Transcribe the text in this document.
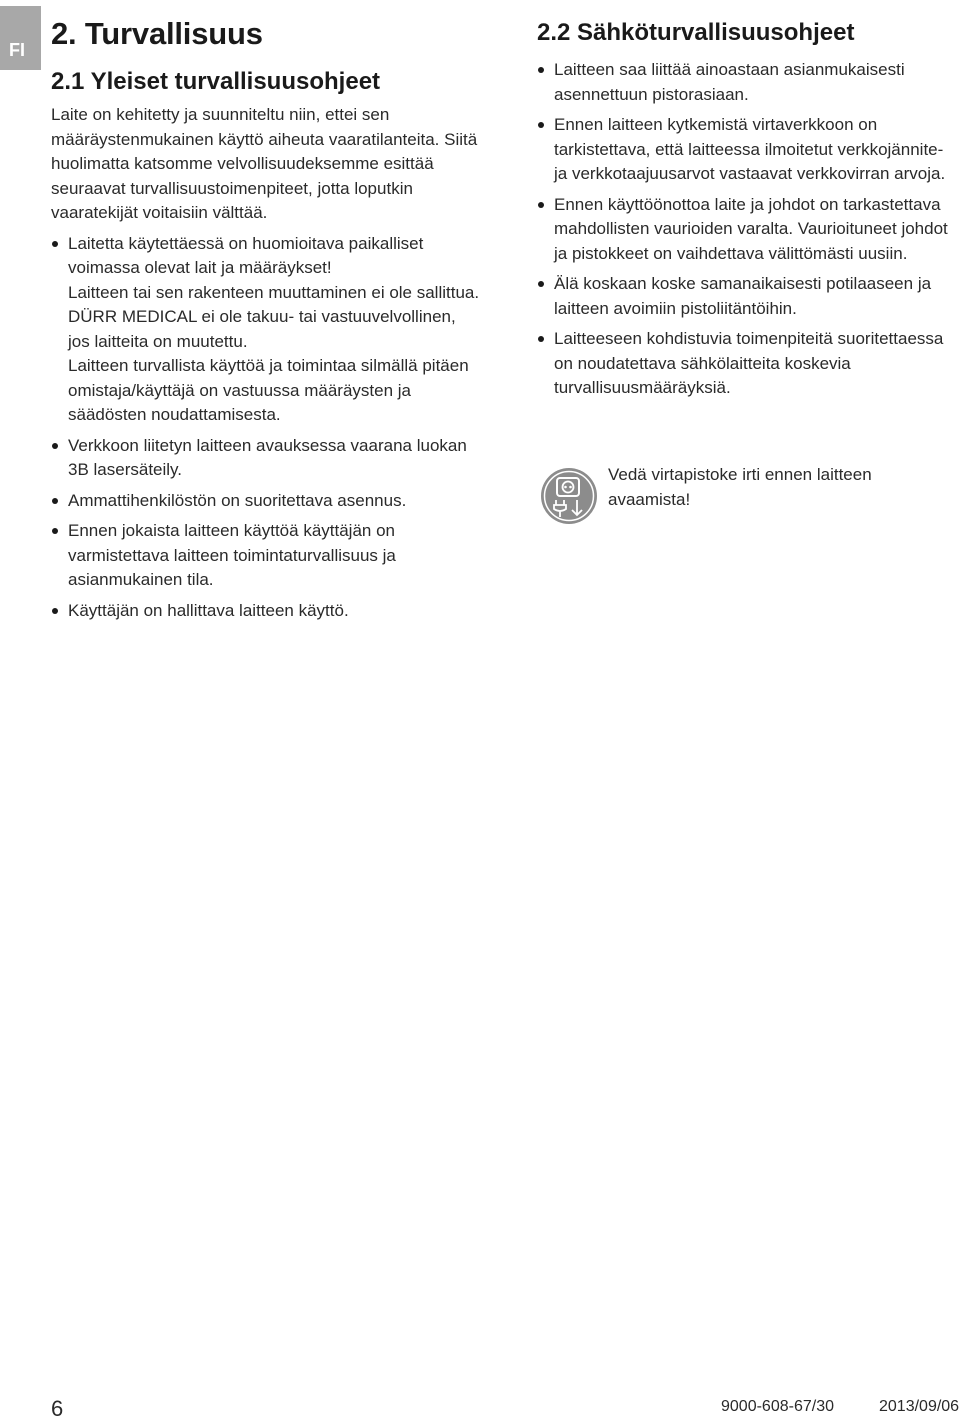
FI 2. Turvallisuus
2.1 Yleiset turvallisuusohjeet

Laite on kehitetty ja suunniteltu niin, ettei sen määräystenmukainen käyttö aiheuta vaaratilanteita. Siitä huolimatta katsomme velvollisuudeksemme esittää seuraavat turvallisuustoimenpiteet, jotta loputkin vaaratekijät voitaisiin välttää.

Laitetta käytettäessä on huomioitava paikalliset voimassa olevat lait ja määräykset!

Laitteen tai sen rakenteen muuttaminen ei ole sallittua. DÜRR MEDICAL ei ole takuu- tai vastuuvelvollinen, jos laitteita on muutettu.

Laitteen turvallista käyttöä ja toimintaa silmällä pitäen omistaja/käyttäjä on vastuussa määräysten ja säädösten noudattamisesta.

Verkkoon liitetyn laitteen avauksessa vaarana luokan 3B lasersäteily.
Ammattihenkilöstön on suoritettava asennus.
Ennen jokaista laitteen käyttöä käyttäjän on varmistettava laitteen toimintaturvallisuus ja asianmukainen tila.
Käyttäjän on hallittava laitteen käyttö.
2.2 Sähköturvallisuusohjeet
Laitteen saa liittää ainoastaan asianmukaisesti asennettuun pistorasiaan.
Ennen laitteen kytkemistä virtaverkkoon on tarkistettava, että laitteessa ilmoitetut verkkojännite- ja verkkotaajuusarvot vastaavat verkkovirran arvoja.
Ennen käyttöönottoa laite ja johdot on tarkastettava mahdollisten vaurioiden varalta. Vaurioituneet johdot ja pistokkeet on vaihdettava välittömästi uusiin.
Älä koskaan koske samanaikaisesti potilaaseen ja laitteen avoimiin pistoliitäntöihin.
Laitteeseen kohdistuvia toimenpiteitä suoritettaessa on noudatettava sähkölaitteita koskevia turvallisuusmääräyksiä.

Vedä virtapistoke irti ennen laitteen avaamista!

6	9000-608-67/30	2013/09/06
